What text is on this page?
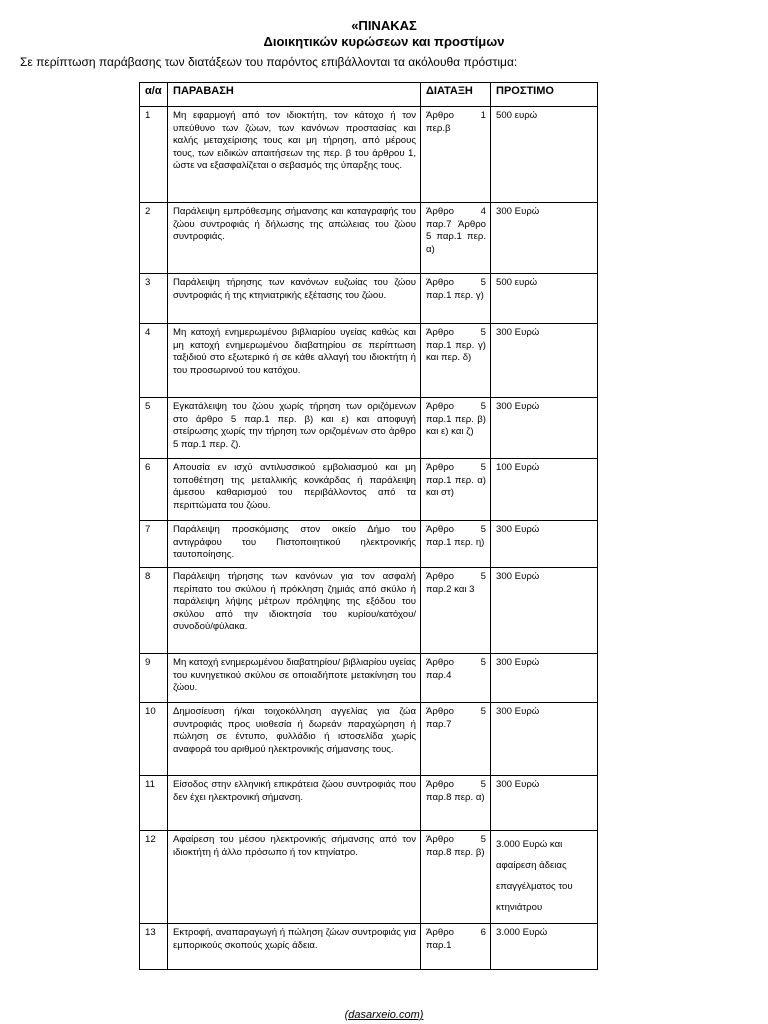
«ΠΙΝΑΚΑΣ
Διοικητικών κυρώσεων και προστίμων
Σε περίπτωση παράβασης των διατάξεων του παρόντος επιβάλλονται τα ακόλουθα πρόστιμα:
α/α	ΠΑΡΑΒΑΣΗ	ΔΙΑΤΑΞΗ	ΠΡΟΣΤΙΜΟ
1	Μη εφαρμογή από τον ιδιοκτήτη, τον κάτοχο ή τον υπεύθυνο των ζώων, των κανόνων προστασίας και καλής μεταχείρισης τους και μη τήρηση, από μέρους τους, των ειδικών απαιτήσεων της περ. β του άρθρου 1, ώστε να εξασφαλίζεται ο σεβασμός της ύπαρξης τους.	Άρθρο 1 περ.β	500 ευρώ
2	Παράλειψη εμπρόθεσμης σήμανσης και καταγραφής του ζώου συντροφιάς ή δήλωσης της απώλειας του ζώου συντροφιάς.	Άρθρο 4 παρ.7 Άρθρο 5 παρ.1 περ. α)	300 Ευρώ
3	Παράλειψη τήρησης των κανόνων ευζωίας του ζώου συντροφιάς ή της κτηνιατρικής εξέτασης του ζώου.	Άρθρο 5 παρ.1 περ. γ)	500 ευρώ
4	Μη κατοχή ενημερωμένου βιβλιαρίου υγείας καθώς και μη κατοχή ενημερωμένου διαβατηρίου σε περίπτωση ταξιδιού στο εξωτερικό ή σε κάθε αλλαγή του ιδιοκτήτη ή του προσωρινού του κατόχου.	Άρθρο 5 παρ.1 περ. γ) και περ. δ)	300 Ευρώ
5	Εγκατάλειψη του ζώου χωρίς τήρηση των οριζόμενων στο άρθρο 5 παρ.1 περ. β) και ε) και αποφυγή στείρωσης χωρίς την τήρηση των οριζομένων στο άρθρο 5 παρ.1 περ. ζ).	Άρθρο 5 παρ.1 περ. β) και ε) και ζ)	300 Ευρώ
6	Απουσία εν ισχύ αντιλυσσικού εμβολιασμού και μη τοποθέτηση της μεταλλικής κονκάρδας ή παράλειψη άμεσου καθαρισμού του περιβάλλοντος από τα περιττώματα του ζώου.	Άρθρο 5 παρ.1 περ. α) και στ)	100 Ευρώ
7	Παράλειψη προσκόμισης στον οικείο Δήμο του αντιγράφου του Πιστοποιητικού ηλεκτρονικής ταυτοποίησης.	Άρθρο 5 παρ.1 περ. η)	300 Ευρώ
8	Παράλειψη τήρησης των κανόνων για τον ασφαλή περίπατο του σκύλου ή πρόκληση ζημιάς από σκύλο ή παράλειψη λήψης μέτρων πρόληψης της εξόδου του σκύλου από την ιδιοκτησία του κυρίου/κατόχου/ συνοδού/φύλακα.	Άρθρο 5 παρ.2 και 3	300 Ευρώ
9	Μη κατοχή ενημερωμένου διαβατηρίου/ βιβλιαρίου υγείας του κυνηγετικού σκύλου σε οποιαδήποτε μετακίνηση του ζώου.	Άρθρο 5 παρ.4	300 Ευρώ
10	Δημοσίευση ή/και τοιχοκόλληση αγγελίας για ζώα συντροφιάς προς υιοθεσία ή δωρεάν παραχώρηση ή πώληση σε έντυπο, φυλλάδιο ή ιστοσελίδα χωρίς αναφορά του αριθμού ηλεκτρονικής σήμανσης τους.	Άρθρο 5 παρ.7	300 Ευρώ
11	Είσοδος στην ελληνική επικράτεια ζώου συντροφιάς που δεν έχει ηλεκτρονική σήμανση.	Άρθρο 5 παρ.8 περ. α)	300 Ευρώ
12	Αφαίρεση του μέσου ηλεκτρονικής σήμανσης από τον ιδιοκτήτη ή άλλο πρόσωπο ή τον κτηνίατρο.	Άρθρο 5 παρ.8 περ. β)	3.000 Ευρώ και αφαίρεση άδειας επαγγέλματος του κτηνιάτρου
13	Εκτροφή, αναπαραγωγή ή πώληση ζώων συντροφιάς για εμπορικούς σκοπούς χωρίς άδεια.	Άρθρο 6 παρ.1	3.000 Ευρώ
(dasarxeio.com)
